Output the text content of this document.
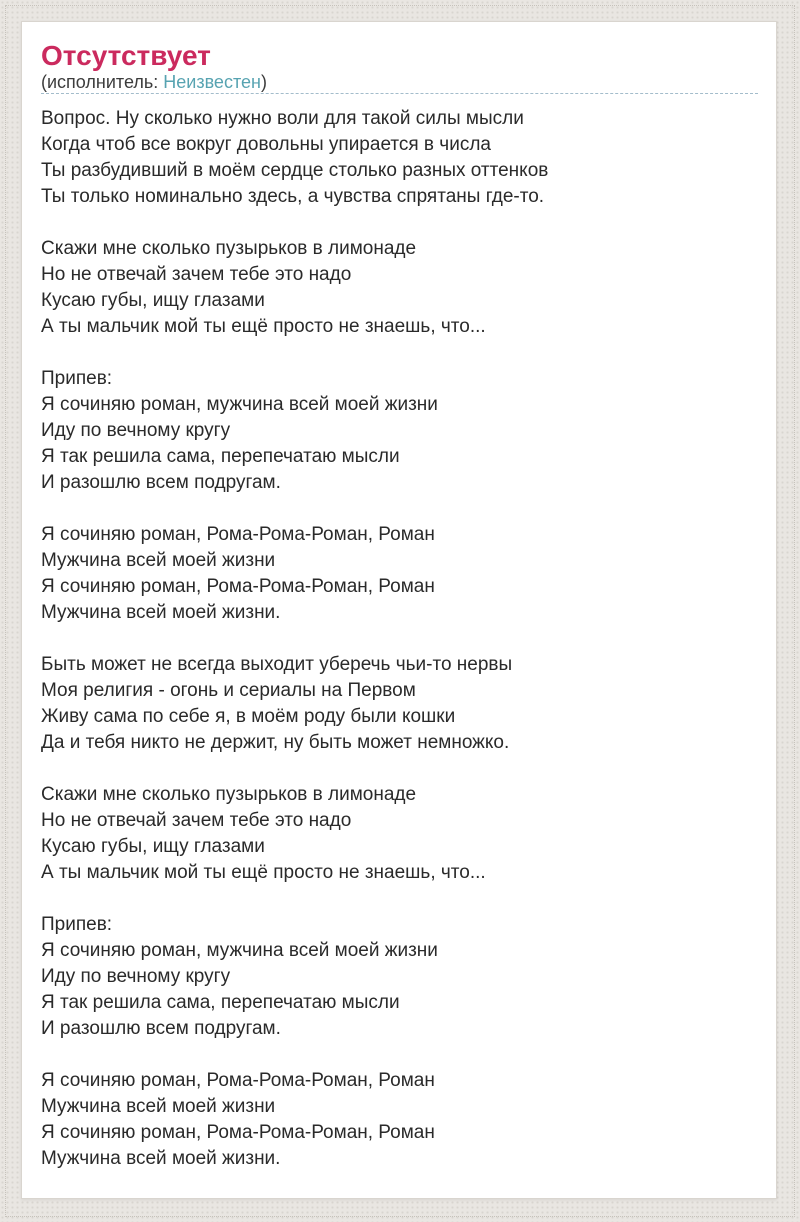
Отсутствует
(исполнитель: Неизвестен)
Вопрос. Ну сколько нужно воли для такой силы мысли
Когда чтоб все вокруг довольны упирается в числа
Ты разбудивший в моём сердце столько разных оттенков
Ты только номинально здесь, а чувства спрятаны где-то.
Скажи мне сколько пузырьков в лимонаде
Но не отвечай зачем тебе это надо
Кусаю губы, ищу глазами
А ты мальчик мой ты ещё просто не знаешь, что...
Припев:
Я сочиняю роман, мужчина всей моей жизни
Иду по вечному кругу
Я так решила сама, перепечатаю мысли
И разошлю всем подругам.
Я сочиняю роман, Рома-Рома-Роман, Роман
Мужчина всей моей жизни
Я сочиняю роман, Рома-Рома-Роман, Роман
Мужчина всей моей жизни.
Быть может не всегда выходит уберечь чьи-то нервы
Моя религия - огонь и сериалы на Первом
Живу сама по себе я, в моём роду были кошки
Да и тебя никто не держит, ну быть может немножко.
Скажи мне сколько пузырьков в лимонаде
Но не отвечай зачем тебе это надо
Кусаю губы, ищу глазами
А ты мальчик мой ты ещё просто не знаешь, что...
Припев:
Я сочиняю роман, мужчина всей моей жизни
Иду по вечному кругу
Я так решила сама, перепечатаю мысли
И разошлю всем подругам.
Я сочиняю роман, Рома-Рома-Роман, Роман
Мужчина всей моей жизни
Я сочиняю роман, Рома-Рома-Роман, Роман
Мужчина всей моей жизни.
